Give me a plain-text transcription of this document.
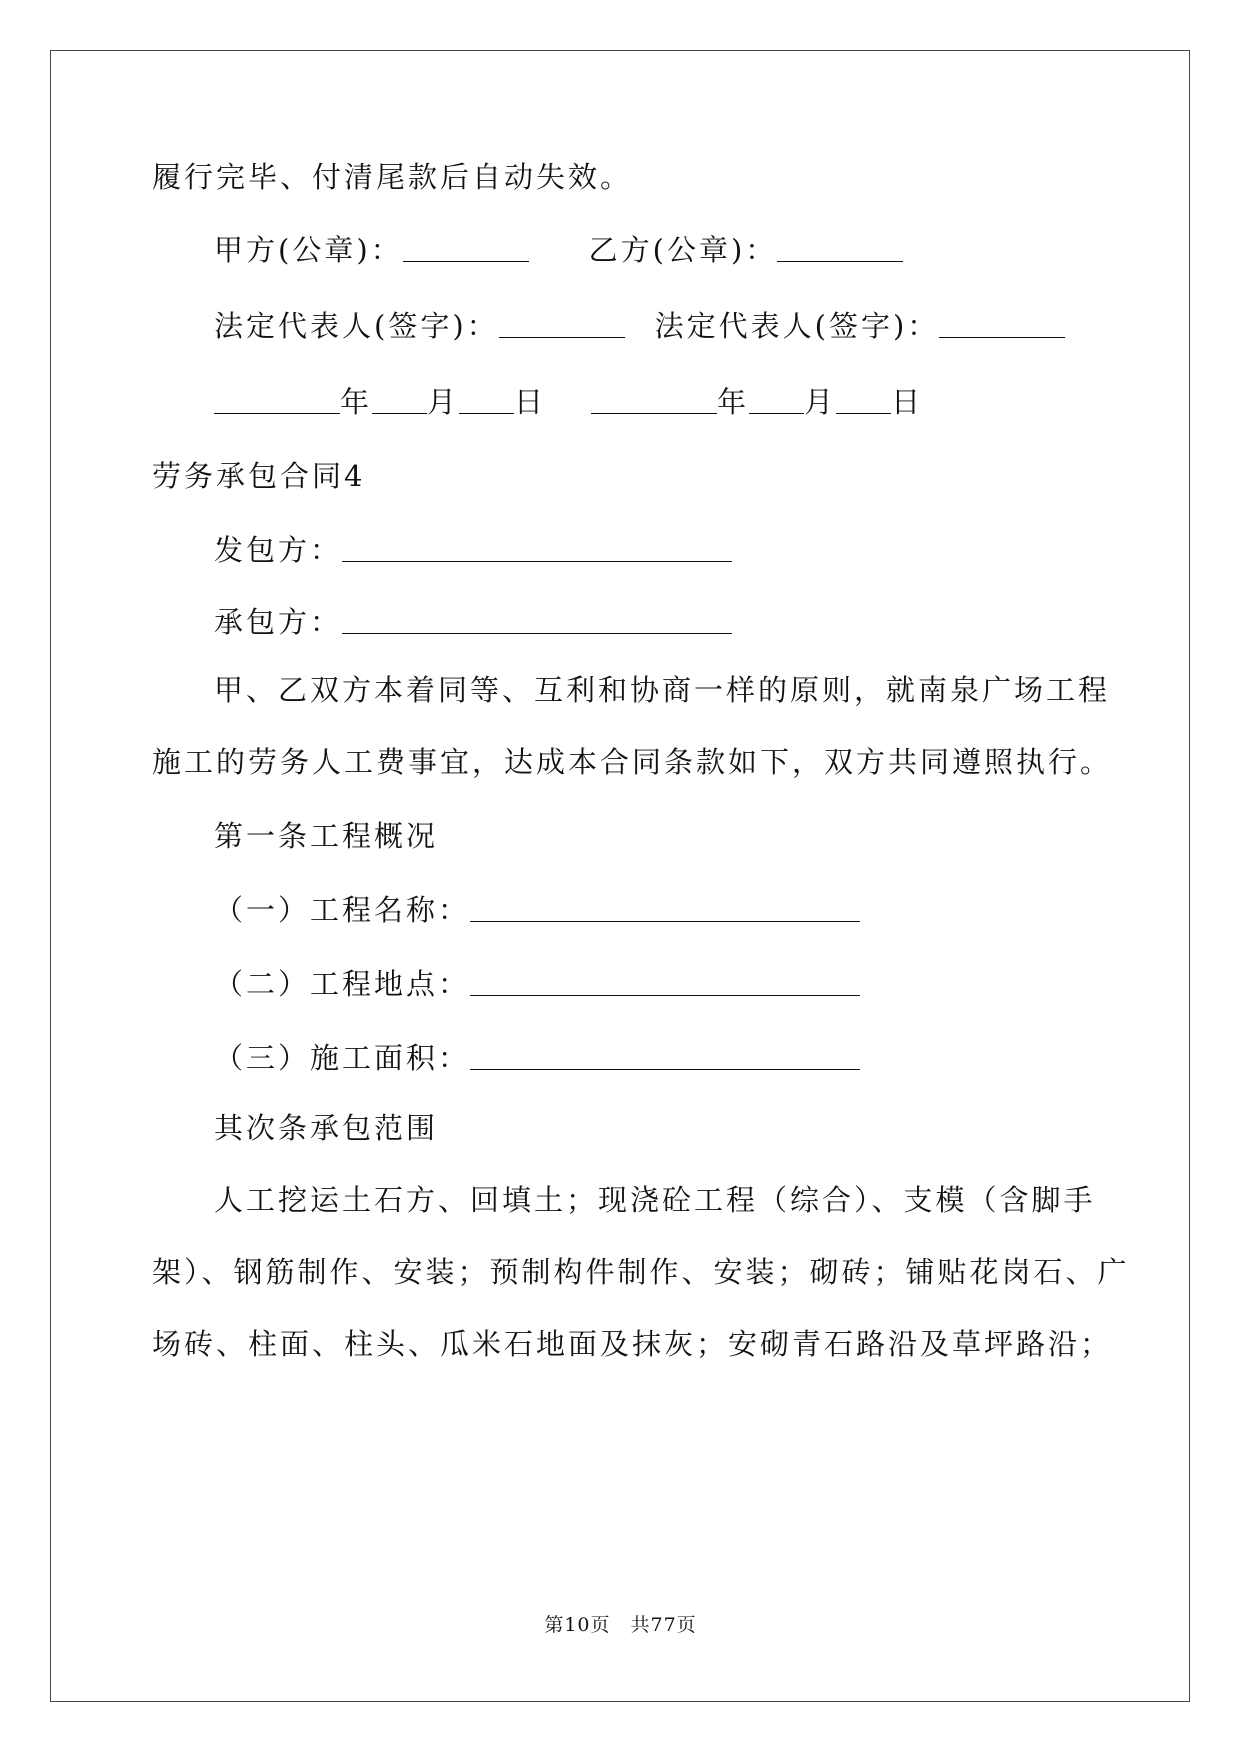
履行完毕、付清尾款后自动失效。
甲方(公章)：	乙方(公章)：
法定代表人(签字)：	法定代表人(签字)：
年 月 日	年 月 日
劳务承包合同4
发包方：
承包方：
甲、乙双方本着同等、互利和协商一样的原则，就南泉广场工程
施工的劳务人工费事宜，达成本合同条款如下，双方共同遵照执行。
第一条工程概况
（一）工程名称：
（二）工程地点：
（三）施工面积：
其次条承包范围
人工挖运土石方、回填土；现浇砼工程（综合）、支模（含脚手
架）、钢筋制作、安装；预制构件制作、安装；砌砖；铺贴花岗石、广
场砖、柱面、柱头、瓜米石地面及抹灰；安砌青石路沿及草坪路沿；
第10页 共77页
